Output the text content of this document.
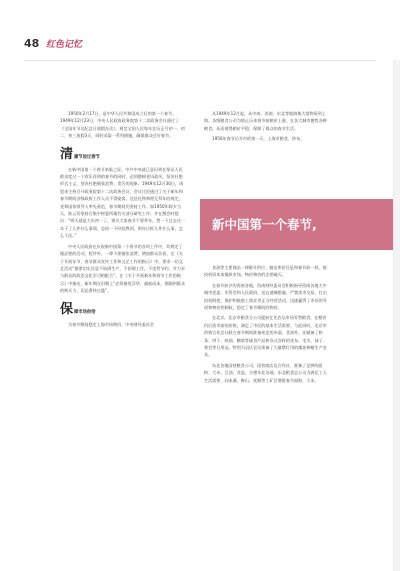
48 红色记忆

1950年2月17日，是中华人民共和国成立后的第一个春节。1949年12月23日，中央人民政府政务院第十二次政务会议通过了《全国年节及纪念日放假办法》，规定全国人民每年农历正月初一、初二、初三放假3天，同时采取一系列措施，确保群众过好春节。

清 廉节俭过春节

在新中国第一个春节来临之际，中共中央就已意识到在保证人民群众度过一个欢乐祥和的春节的同时，必须整顿党风政风，坚决杜绝形式主义，坚决杜绝铺张浪费、贪污的现象。1949年12月30日，周恩来主持召开政务院第十二次政务会议，会议讨论通过了关于新年和春节期间各级政府工作人员不得宴客、送送礼物和相互拜年的规定，党和国家领导人率先垂范，春节期间仍坚持工作。如1950年除夕当天，陈云仍坚持召集中财委所属有关部分研究工作；并在散会时提出：“明天就是大年初一了，建议大家春节不要拜年，想一下过去这一年干了几件什么事情，总结一下经验教训，明年应抓几件什么事，怎么干法。”

中央人民政府在庆祝新中国第一个春节的各项工作中，均规定了隆必要的活动，程序外，一律不准铺张浪费，增加群众负担。在《关于开展年节、春节群众宣传工作和文艺工作的指示》中，要求一切文艺活动“都要切实注意不妨碍生产，不妨碍工作，不违背节约，并力求与群众的政治文化学习相配合”。在《关于开展新年和春节工作的指示》中指出，新年期在旧朝上“必须避免浮华、减低成本，照顾到群众的购买力，切忌奢侈过滥”。

保 障市场供给

为春节期间稳定上海市场物价，中央财经委员会

从1949年12月起，从中南、西南、东北等地调集大批物资到上海。各级粮食公司为防止历来春节前粮价上涨，在各大城市抛售各种粮食，从而使得粮价平稳，保障了群众的春节生活。

1950年春节后开市的第一天，上海市粮食、纱布、

新中国第一个春节,

食油等主要商品一律敞开供应，抛出库价还是和春节前一样，使投机资本家操纵市场，物价物价的企图破灭。

在春节前夕的西南各地，西南财经委员会积极指导西南各地大中城市党委、军管会和人民政府，迅自速臻措施，严禁黑市交易，打击投机倒把，保护和鼓励工商业者正当经营活动，迅速赢得了市场领导权和物价控制权，稳定了春节期间的物价。

在北京，北京市粮食分公司提前在先农坛市场零售粮食，在粮价仍后依市前的价格，满足了市民的基本生活需要。与此同时，北京市供销合作总社联合春节期间准备充足的米面、食油外，还储备了粉条、饼干、纸烟、糖果等副食产品和各式各样的花布、毛巾、袜子、香皂等日用品，特别为羽区农民准备了大量燃灯用的煤油和蜡生产农具。

东北各地国营粮食公司、国营商店及合作社，准备了足够的面粉、大米、豆油、食盐、分猪车北各地。东北粮食总公司为满足工人生活需要，向本溪、鞍山、抚顺等工矿区增拨春节面粉、大米。
